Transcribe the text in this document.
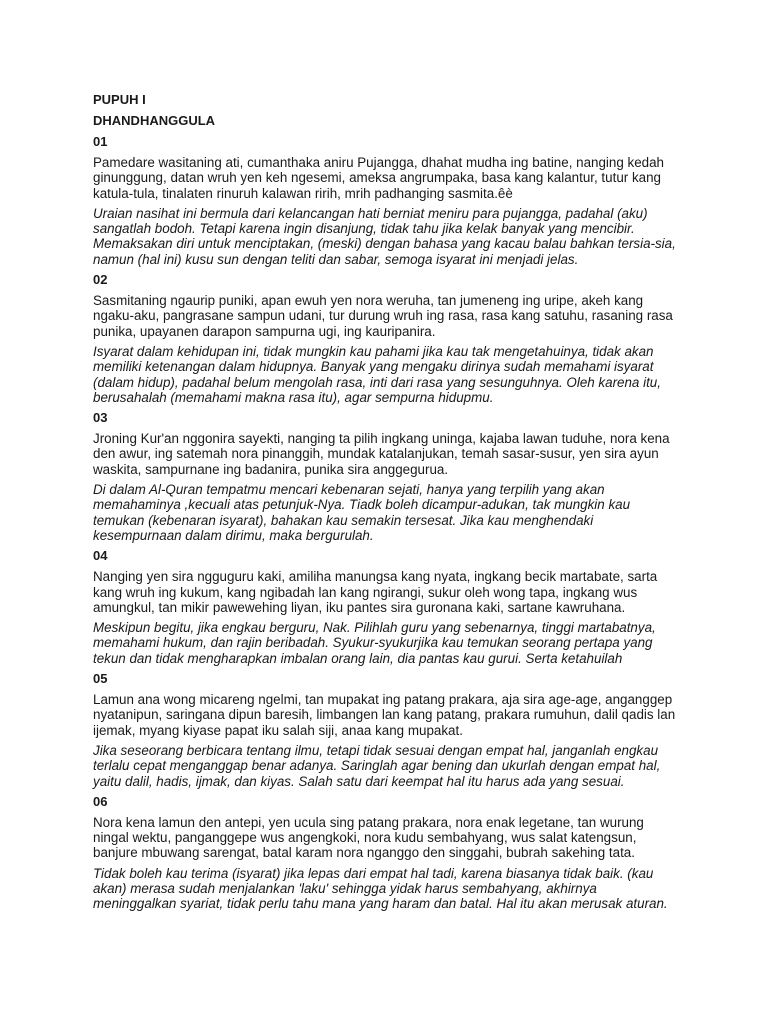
PUPUH I
DHANDHANGGULA
01

Pamedare wasitaning ati, cumanthaka aniru Pujangga, dhahat mudha ing batine, nanging kedah ginunggung, datan wruh yen keh ngesemi, ameksa angrumpaka, basa kang kalantur, tutur kang katula-tula, tinalaten rinuruh kalawan ririh, mrih padhanging sasmita.êè

Uraian nasihat ini bermula dari kelancangan hati berniat meniru para pujangga, padahal (aku) sangatlah bodoh. Tetapi karena ingin disanjung, tidak tahu jika kelak banyak yang mencibir. Memaksakan diri untuk menciptakan, (meski) dengan bahasa yang kacau balau bahkan tersia-sia, namun (hal ini) kusu sun dengan teliti dan sabar, semoga isyarat ini menjadi jelas.

02

Sasmitaning ngaurip puniki, apan ewuh yen nora weruha, tan jumeneng ing uripe, akeh kang ngaku-aku, pangrasane sampun udani, tur durung wruh ing rasa, rasa kang satuhu, rasaning rasa punika, upayanen darapon sampurna ugi, ing kauripanira.

Isyarat dalam kehidupan ini, tidak mungkin kau pahami jika kau tak mengetahuinya, tidak akan memiliki ketenangan dalam hidupnya. Banyak yang mengaku dirinya sudah memahami isyarat (dalam hidup), padahal belum mengolah rasa, inti dari rasa yang sesunguhnya. Oleh karena itu, berusahalah (memahami makna rasa itu), agar sempurna hidupmu.

03

Jroning Kur'an nggonira sayekti, nanging ta pilih ingkang uninga, kajaba lawan tuduhe, nora kena den awur, ing satemah nora pinanggih, mundak katalanjukan, temah sasar-susur, yen sira ayun waskita, sampurnane ing badanira, punika sira anggegurua.

Di dalam Al-Quran tempatmu mencari kebenaran sejati, hanya yang terpilih yang akan memahaminya ,kecuali atas petunjuk-Nya. Tiadk boleh dicampur-adukan, tak mungkin kau temukan (kebenaran isyarat), bahakan kau semakin tersesat. Jika kau menghendaki kesempurnaan dalam dirimu, maka bergurulah.

04

Nanging yen sira ngguguru kaki, amiliha manungsa kang nyata, ingkang becik martabate, sarta kang wruh ing kukum, kang ngibadah lan kang ngirangi, sukur oleh wong tapa, ingkang wus amungkul, tan mikir pawewehing liyan, iku pantes sira guronana kaki, sartane kawruhana.

Meskipun begitu, jika engkau berguru, Nak. Pilihlah guru yang sebenarnya, tinggi martabatnya, memahami hukum, dan rajin beribadah. Syukur-syukurjika kau temukan seorang pertapa yang tekun dan tidak mengharapkan imbalan orang lain, dia pantas kau gurui. Serta ketahuilah

05

Lamun ana wong micareng ngelmi, tan mupakat ing patang prakara, aja sira age-age, anganggep nyatanipun, saringana dipun baresih, limbangen lan kang patang, prakara rumuhun, dalil qadis lan ijemak, myang kiyase papat iku salah siji, anaa kang mupakat.

Jika seseorang berbicara tentang ilmu, tetapi tidak sesuai dengan empat hal, janganlah engkau terlalu cepat menganggap benar adanya. Saringlah agar bening dan ukurlah dengan empat hal, yaitu dalil, hadis, ijmak, dan kiyas. Salah satu dari keempat hal itu harus ada yang sesuai.

06

Nora kena lamun den antepi, yen ucula sing patang prakara, nora enak legetane, tan wurung ningal wektu, panganggepe wus angengkoki, nora kudu sembahyang, wus salat katengsun, banjure mbuwang sarengat, batal karam nora nganggo den singgahi, bubrah sakehing tata.

Tidak boleh kau terima (isyarat) jika lepas dari empat hal tadi, karena biasanya tidak baik. (kau akan) merasa sudah menjalankan 'laku' sehingga yidak harus sembahyang, akhirnya meninggalkan syariat, tidak perlu tahu mana yang haram dan batal. Hal itu akan merusak aturan.
